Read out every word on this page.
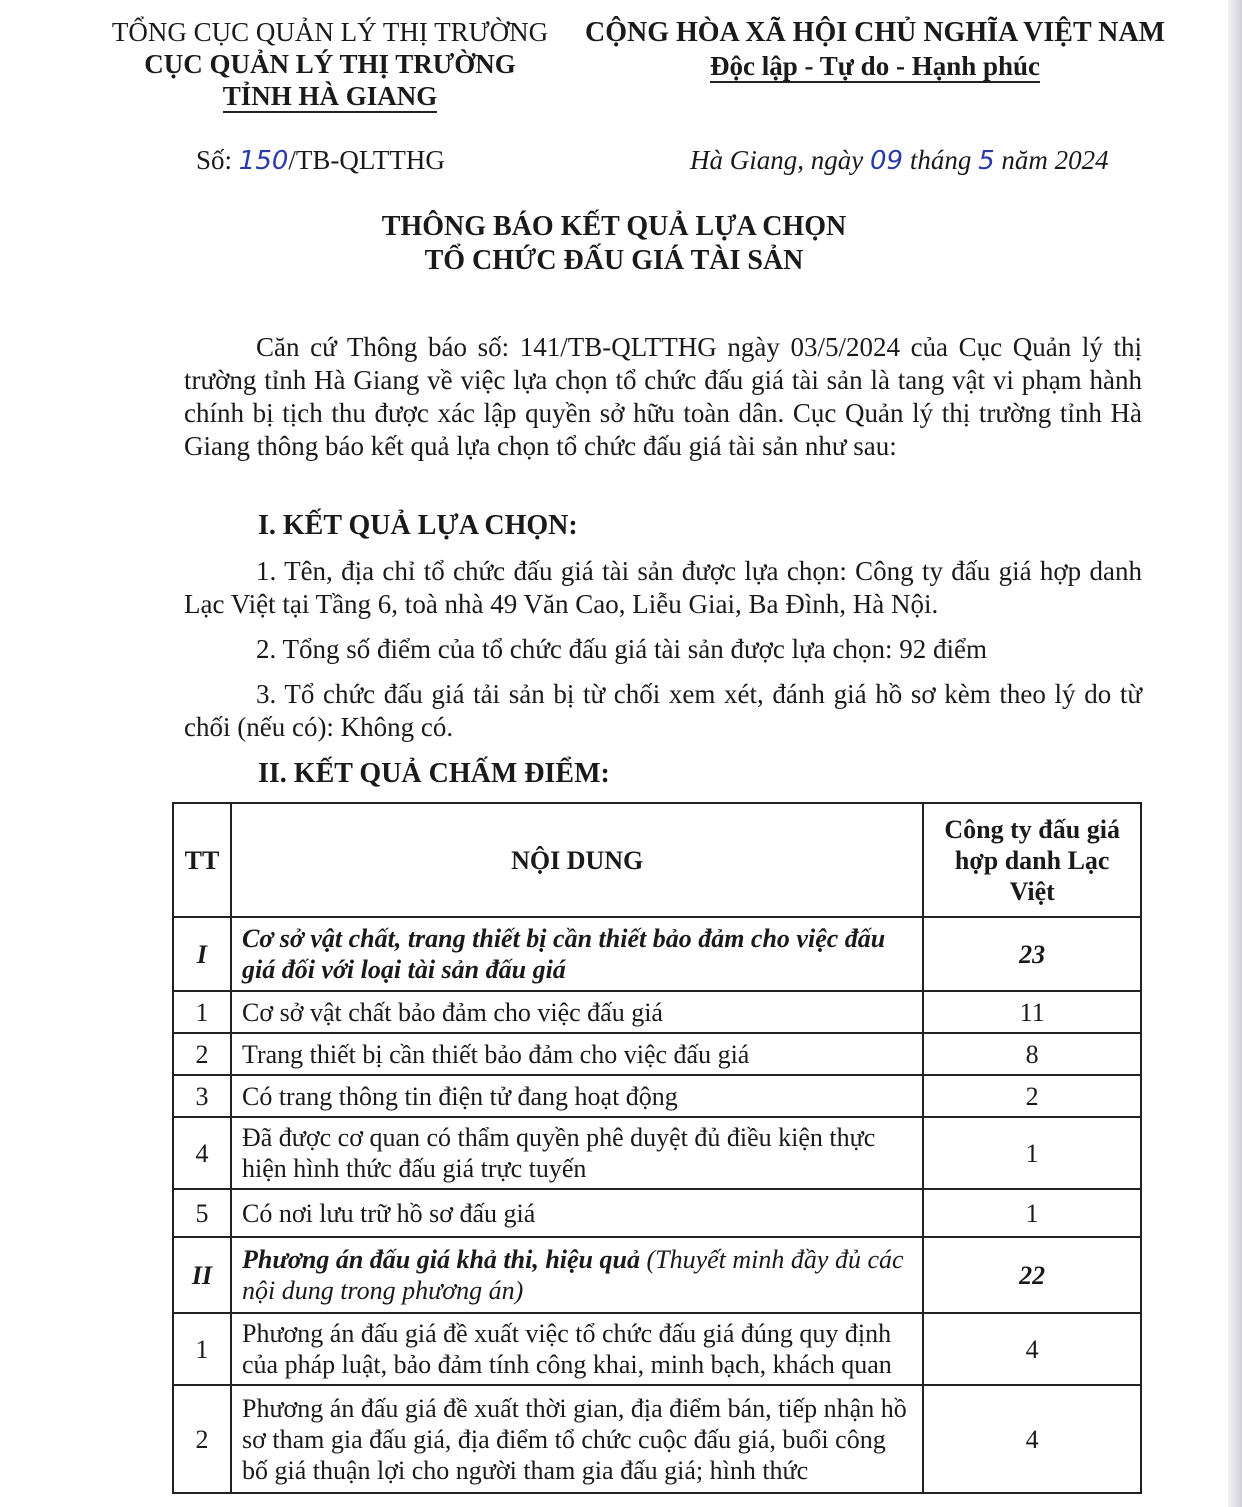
TỔNG CỤC QUẢN LÝ THỊ TRƯỜNG
CỤC QUẢN LÝ THỊ TRƯỜNG
TỈNH HÀ GIANG
CỘNG HÒA XÃ HỘI CHỦ NGHĨA VIỆT NAM
Độc lập - Tự do - Hạnh phúc
Số: 150/TB-QLTTHG	Hà Giang, ngày 09 tháng 5 năm 2024
THÔNG BÁO KẾT QUẢ LỰA CHỌN
TỔ CHỨC ĐẤU GIÁ TÀI SẢN
Căn cứ Thông báo số: 141/TB-QLTTHG ngày 03/5/2024 của Cục Quản lý thị trường tỉnh Hà Giang về việc lựa chọn tổ chức đấu giá tài sản là tang vật vi phạm hành chính bị tịch thu được xác lập quyền sở hữu toàn dân. Cục Quản lý thị trường tỉnh Hà Giang thông báo kết quả lựa chọn tổ chức đấu giá tài sản như sau:
I. KẾT QUẢ LỰA CHỌN:
1. Tên, địa chỉ tổ chức đấu giá tài sản được lựa chọn: Công ty đấu giá hợp danh Lạc Việt tại Tầng 6, toà nhà 49 Văn Cao, Liễu Giai, Ba Đình, Hà Nội.
2. Tổng số điểm của tổ chức đấu giá tài sản được lựa chọn: 92 điểm
3. Tổ chức đấu giá tải sản bị từ chối xem xét, đánh giá hồ sơ kèm theo lý do từ chối (nếu có): Không có.
II. KẾT QUẢ CHẤM ĐIỂM:
TT	NỘI DUNG	Công ty đấu giá hợp danh Lạc Việt
I	Cơ sở vật chất, trang thiết bị cần thiết bảo đảm cho việc đấu giá đối với loại tài sản đấu giá	23
1	Cơ sở vật chất bảo đảm cho việc đấu giá	11
2	Trang thiết bị cần thiết bảo đảm cho việc đấu giá	8
3	Có trang thông tin điện tử đang hoạt động	2
4	Đã được cơ quan có thẩm quyền phê duyệt đủ điều kiện thực hiện hình thức đấu giá trực tuyến	1
5	Có nơi lưu trữ hồ sơ đấu giá	1
II	Phương án đấu giá khả thi, hiệu quả (Thuyết minh đầy đủ các nội dung trong phương án)	22
1	Phương án đấu giá đề xuất việc tổ chức đấu giá đúng quy định của pháp luật, bảo đảm tính công khai, minh bạch, khách quan	4
2	Phương án đấu giá đề xuất thời gian, địa điểm bán, tiếp nhận hồ sơ tham gia đấu giá, địa điểm tổ chức cuộc đấu giá, buổi công bố giá thuận lợi cho người tham gia đấu giá; hình thức	4
